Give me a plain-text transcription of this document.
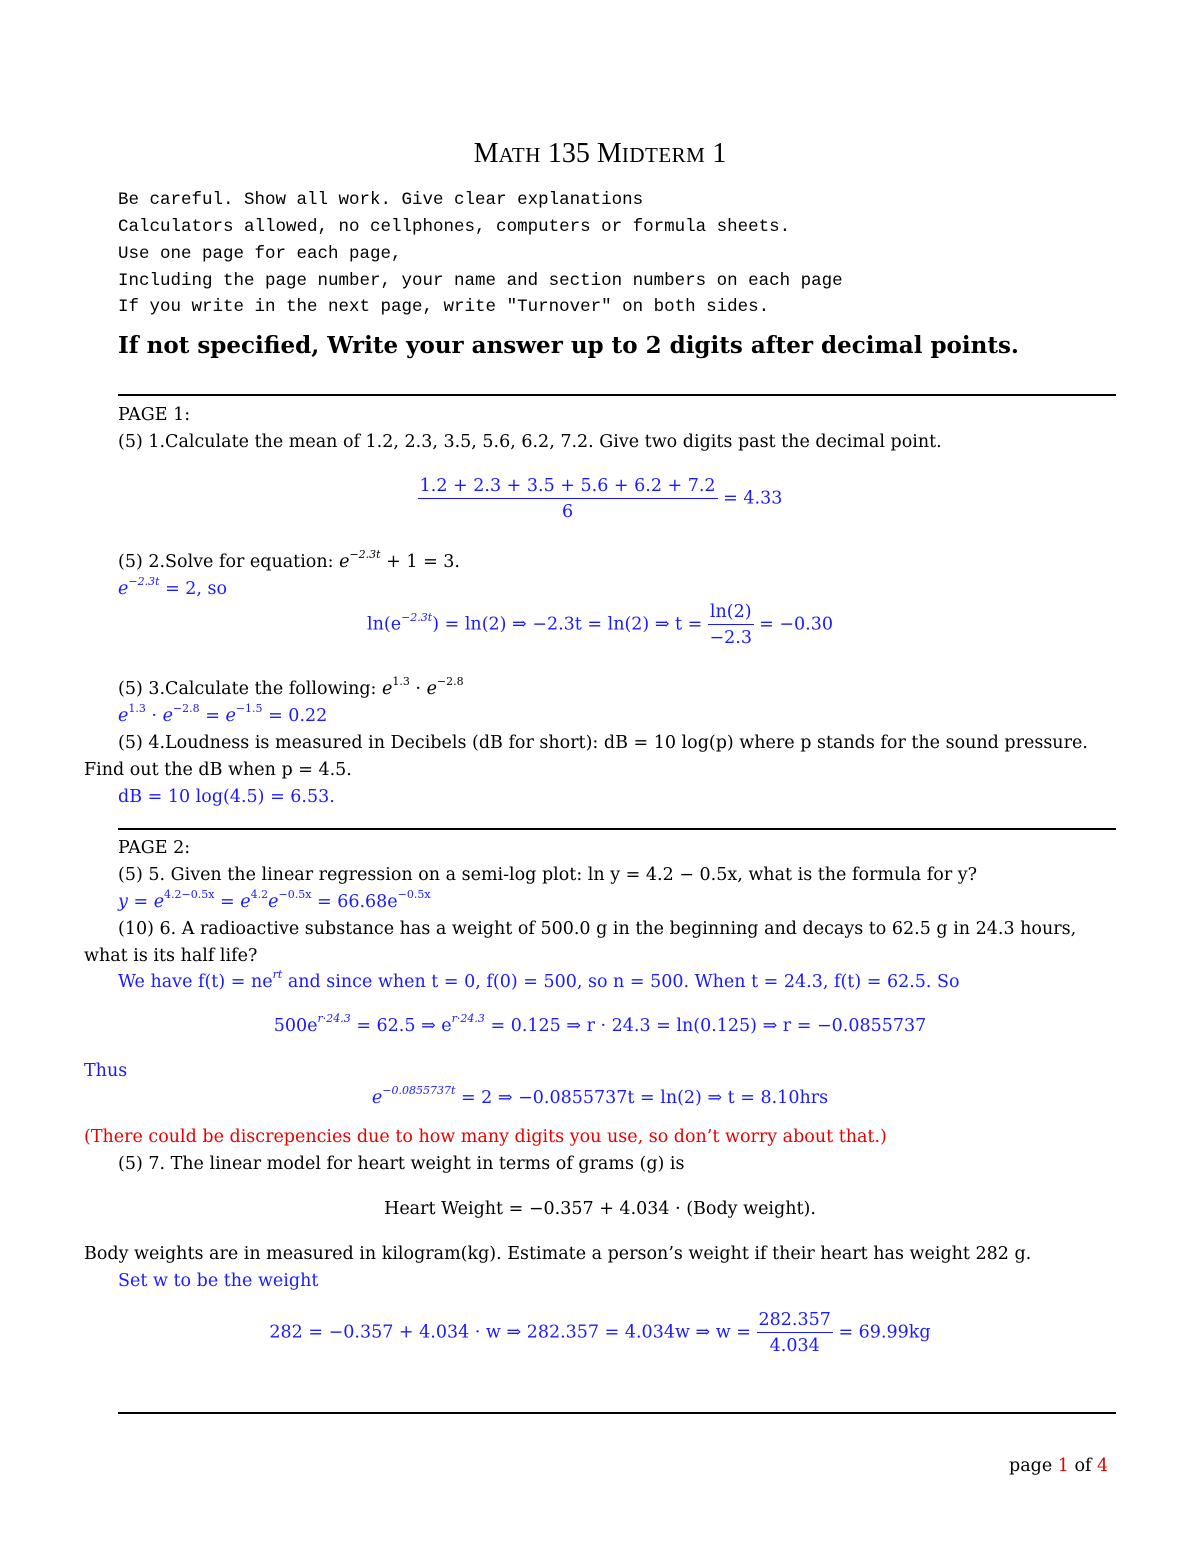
MATH 135 MIDTERM 1
Be careful. Show all work. Give clear explanations
Calculators allowed, no cellphones, computers or formula sheets.
Use one page for each page,
Including the page number, your name and section numbers on each page
If you write in the next page, write "Turnover" on both sides.
If not specified, Write your answer up to 2 digits after decimal points.
PAGE 1:
(5) 1.Calculate the mean of 1.2, 2.3, 3.5, 5.6, 6.2, 7.2. Give two digits past the decimal point.
$\frac{1.2 + 2.3 + 3.5 + 5.6 + 6.2 + 7.2}{6} = 4.33$
(5) 2.Solve for equation: $e^{-2.3t} + 1 = 3$.
$e^{-2.3t} = 2$, so
$\ln(e^{-2.3t}) = \ln(2)$ ⇒ −2.3t = ln(2) ⇒ $t = \frac{\ln(2)}{-2.3} = -0.30$
(5) 3.Calculate the following: $e^{1.3} \cdot e^{-2.8}$
$e^{1.3} \cdot e^{-2.8} = e^{-1.5} = 0.22$
(5) 4.Loudness is measured in Decibels (dB for short): dB = 10 log(p) where p stands for the sound pressure.
Find out the dB when p = 4.5.
dB = 10 log(4.5) = 6.53.
PAGE 2:
(5) 5. Given the linear regression on a semi-log plot: ln y = 4.2 − 0.5x, what is the formula for y?
$y = e^{4.2-0.5x} = e^{4.2}e^{-0.5x} = 66.68e^{-0.5x}$
(10) 6. A radioactive substance has a weight of 500.0 g in the beginning and decays to 62.5 g in 24.3 hours,
what is its half life?
We have $f(t) = ne^{rt}$ and since when t = 0, f(0) = 500, so n = 500. When t = 24.3, f(t) = 62.5. So
$500e^{r\cdot 24.3} = 62.5$ ⇒ $e^{r\cdot 24.3} = 0.125$ ⇒ r · 24.3 = ln(0.125) ⇒ r = −0.0855737
Thus
$e^{-0.0855737t} = 2$ ⇒ −0.0855737t = ln(2) ⇒ t = 8.10hrs
(There could be discrepencies due to how many digits you use, so don’t worry about that.)
(5) 7. The linear model for heart weight in terms of grams (g) is
Heart Weight = −0.357 + 4.034 · (Body weight).
Body weights are in measured in kilogram(kg). Estimate a person’s weight if their heart has weight 282 g.
Set w to be the weight
282 = −0.357 + 4.034 · w ⇒ 282.357 = 4.034w ⇒ $w = \frac{282.357}{4.034} = 69.99kg$
page 1 of 4
